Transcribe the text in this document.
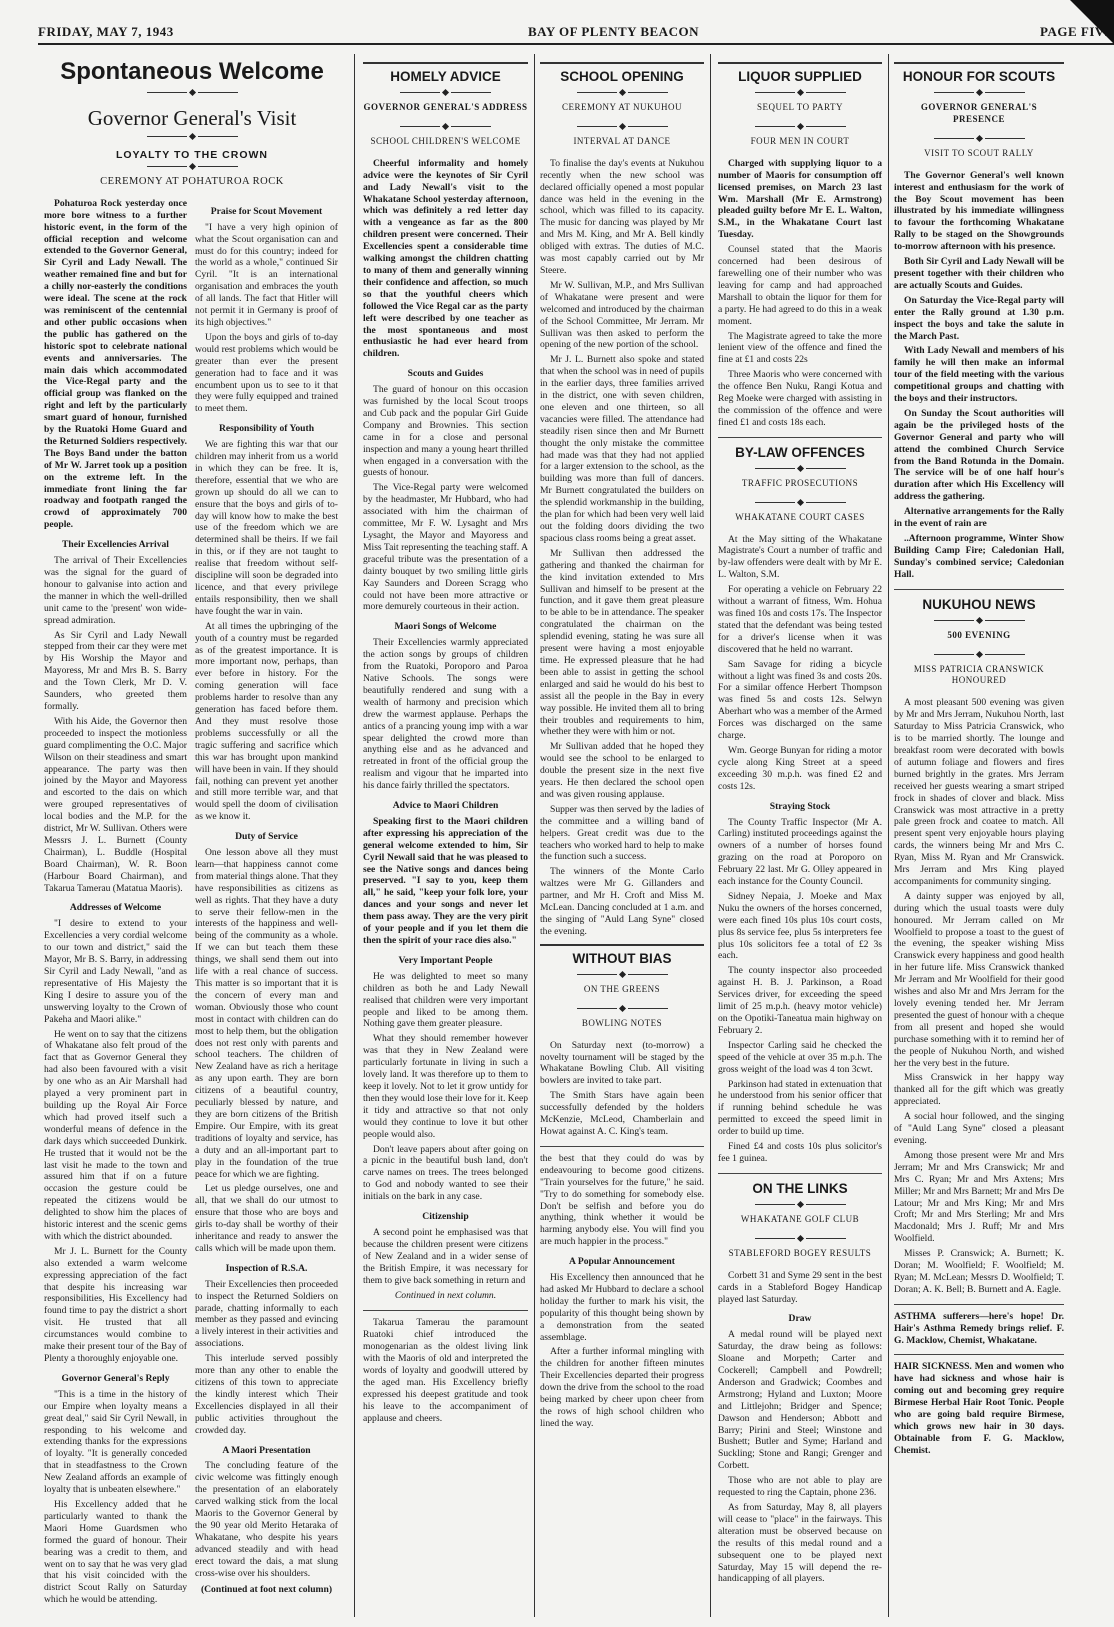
FRIDAY, MAY 7, 1943	BAY OF PLENTY BEACON	PAGE FIVE
Spontaneous Welcome
Governor General's Visit
LOYALTY TO THE CROWN
CEREMONY AT POHATUROA ROCK

Pohaturoa Rock yesterday once more bore witness to a further historic event, in the form of the official reception and welcome extended to the Governor General, Sir Cyril and Lady Newall. The weather remained fine and but for a chilly nor-easterly the conditions were ideal. The scene at the rock was reminiscent of the centennial and other public occasions when the public has gathered on the historic spot to celebrate national events and anniversaries. The main dais which accommodated the Vice-Regal party and the official group was flanked on the right and left by the particularly smart guard of honour, furnished by the Ruatoki Home Guard and the Returned Soldiers respectively. The Boys Band under the batton of Mr W. Jarret took up a position on the extreme left. In the immediate front lining the far roadway and footpath ranged the crowd of approximately 700 people.

Their Excellencies Arrival

The arrival of Their Excellencies was the signal for the guard of honour to galvanise into action and the manner in which the well-drilled unit came to the 'present' won wide-spread admiration.

As Sir Cyril and Lady Newall stepped from their car they were met by His Worship the Mayor and Mayoress, Mr and Mrs B. S. Barry and the Town Clerk, Mr D. V. Saunders, who greeted them formally.

With his Aide, the Governor then proceeded to inspect the motionless guard complimenting the O.C. Major Wilson on their steadiness and smart appearance. The party was then joined by the Mayor and Mayoress and escorted to the dais on which were grouped representatives of local bodies and the M.P. for the district, Mr W. Sullivan. Others were Messrs J. L. Burnett (County Chairman), L. Buddle (Hospital Board Chairman), W. R. Boon (Harbour Board Chairman), and Takarua Tamerau (Matatua Maoris).

Addresses of Welcome

"I desire to extend to your Excellencies a very cordial welcome to our town and district," said the Mayor, Mr B. S. Barry, in addressing Sir Cyril and Lady Newall, "and as representative of His Majesty the King I desire to assure you of the unswerving loyalty to the Crown of Pakeha and Maori alike."

He went on to say that the citizens of Whakatane also felt proud of the fact that as Governor General they had also been favoured with a visit by one who as an Air Marshall had played a very prominent part in building up the Royal Air Force which had proved itself such a wonderful means of defence in the dark days which succeeded Dunkirk. He trusted that it would not be the last visit he made to the town and assured him that if on a future occasion the gesture could be repeated the citizens would be delighted to show him the places of historic interest and the scenic gems with which the district abounded.

Mr J. L. Burnett for the County also extended a warm welcome expressing appreciation of the fact that despite his increasing war responsibilities, His Excellency had found time to pay the district a short visit. He trusted that all circumstances would combine to make their present tour of the Bay of Plenty a thoroughly enjoyable one.

Governor General's Reply

"This is a time in the history of our Empire when loyalty means a great deal," said Sir Cyril Newall, in responding to his welcome and extending thanks for the expressions of loyalty. "It is generally conceded that in steadfastness to the Crown New Zealand affords an example of loyalty that is unbeaten elsewhere."

His Excellency added that he particularly wanted to thank the Maori Home Guardsmen who formed the guard of honour. Their bearing was a credit to them, and went on to say that he was very glad that his visit coincided with the district Scout Rally on Saturday which he would be attending.

Praise for Scout Movement

"I have a very high opinion of what the Scout organisation can and must do for this country; indeed for the world as a whole," continued Sir Cyril. "It is an international organisation and embraces the youth of all lands. The fact that Hitler will not permit it in Germany is proof of its high objectives."

Upon the boys and girls of to-day would rest problems which would be greater than ever the present generation had to face and it was encumbent upon us to see to it that they were fully equipped and trained to meet them.

Responsibility of Youth

We are fighting this war that our children may inherit from us a world in which they can be free. It is, therefore, essential that we who are grown up should do all we can to ensure that the boys and girls of to-day will know how to make the best use of the freedom which we are determined shall be theirs. If we fail in this, or if they are not taught to realise that freedom without self-discipline will soon be degraded into licence, and that every privilege entails responsibility, then we shall have fought the war in vain.

At all times the upbringing of the youth of a country must be regarded as of the greatest importance. It is more important now, perhaps, than ever before in history. For the coming generation will face problems harder to resolve than any generation has faced before them. And they must resolve those problems successfully or all the tragic suffering and sacrifice which this war has brought upon mankind will have been in vain. If they should fail, nothing can prevent yet another and still more terrible war, and that would spell the doom of civilisation as we know it.

Duty of Service

One lesson above all they must learn—that happiness cannot come from material things alone. That they have responsibilities as citizens as well as rights. That they have a duty to serve their fellow-men in the interests of the happiness and well-being of the community as a whole. If we can but teach them these things, we shall send them out into life with a real chance of success. This matter is so important that it is the concern of every man and woman. Obviously those who count most in contact with children can do most to help them, but the obligation does not rest only with parents and school teachers. The children of New Zealand have as rich a heritage as any upon earth. They are born citizens of a beautiful country, peculiarly blessed by nature, and they are born citizens of the British Empire. Our Empire, with its great traditions of loyalty and service, has a duty and an all-important part to play in the foundation of the true peace for which we are fighting.

Let us pledge ourselves, one and all, that we shall do our utmost to ensure that those who are boys and girls to-day shall be worthy of their inheritance and ready to answer the calls which will be made upon them.

Inspection of R.S.A.

Their Excellencies then proceeded to inspect the Returned Soldiers on parade, chatting informally to each member as they passed and evincing a lively interest in their activities and associations.

This interlude served possibly more than any other to enable the citizens of this town to appreciate the kindly interest which Their Excellencies displayed in all their public activities throughout the crowded day.

A Maori Presentation

The concluding feature of the civic welcome was fittingly enough the presentation of an elaborately carved walking stick from the local Maoris to the Governor General by the 90 year old Merito Hetaraka of Whakatane, who despite his years advanced steadily and with head erect toward the dais, a mat slung cross-wise over his shoulders.

(Continued at foot next column)
HOMELY ADVICE
GOVERNOR GENERAL'S ADDRESS
SCHOOL CHILDREN'S WELCOME

Cheerful informality and homely advice were the keynotes of Sir Cyril and Lady Newall's visit to the Whakatane School yesterday afternoon, which was definitely a red letter day with a vengeance as far as the 800 children present were concerned. Their Excellencies spent a considerable time walking amongst the children chatting to many of them and generally winning their confidence and affection, so much so that the youthful cheers which followed the Vice Regal car as the party left were described by one teacher as the most spontaneous and most enthusiastic he had ever heard from children.

Scouts and Guides

The guard of honour on this occasion was furnished by the local Scout troops and Cub pack and the popular Girl Guide Company and Brownies. This section came in for a close and personal inspection and many a young heart thrilled when engaged in a conversation with the guests of honour.

The Vice-Regal party were welcomed by the headmaster, Mr Hubbard, who had associated with him the chairman of committee, Mr F. W. Lysaght and Mrs Lysaght, the Mayor and Mayoress and Miss Tait representing the teaching staff. A graceful tribute was the presentation of a dainty bouquet by two smiling little girls Kay Saunders and Doreen Scragg who could not have been more attractive or more demurely courteous in their action.

Maori Songs of Welcome

Their Excellencies warmly appreciated the action songs by groups of children from the Ruatoki, Poroporo and Paroa Native Schools. The songs were beautifully rendered and sung with a wealth of harmony and precision which drew the warmest applause. Perhaps the antics of a prancing young imp with a war spear delighted the crowd more than anything else and as he advanced and retreated in front of the official group the realism and vigour that he imparted into his dance fairly thrilled the spectators.

Advice to Maori Children

Speaking first to the Maori children after expressing his appreciation of the general welcome extended to him, Sir Cyril Newall said that he was pleased to see the Native songs and dances being preserved. "I say to you, keep them all," he said, "keep your folk lore, your dances and your songs and never let them pass away. They are the very pirit of your people and if you let them die then the spirit of your race dies also."

Very Important People

He was delighted to meet so many children as both he and Lady Newall realised that children were very important people and liked to be among them. Nothing gave them greater pleasure.

What they should remember however was that they in New Zealand were particularly fortunate in living in such a lovely land. It was therefore up to them to keep it lovely. Not to let it grow untidy for then they would lose their love for it. Keep it tidy and attractive so that not only would they continue to love it but other people would also.

Don't leave papers about after going on a picnic in the beautiful bush land, don't carve names on trees. The trees belonged to God and nobody wanted to see their initials on the bark in any case.

Citizenship

A second point he emphasised was that because the children present were citizens of New Zealand and in a wider sense of the British Empire, it was necessary for them to give back something in return and

Continued in next column.

Takarua Tamerau the paramount Ruatoki chief introduced the monogenarian as the oldest living link with the Maoris of old and interpreted the words of loyalty and goodwill uttered by the aged man. His Excellency briefly expressed his deepest gratitude and took his leave to the accompaniment of applause and cheers.

SCHOOL OPENING
CEREMONY AT NUKUHOU
INTERVAL AT DANCE

To finalise the day's events at Nukuhou recently when the new school was declared officially opened a most popular dance was held in the evening in the school, which was filled to its capacity. The music for dancing was played by Mr and Mrs M. King, and Mr A. Bell kindly obliged with extras. The duties of M.C. was most capably carried out by Mr Steere.

Mr W. Sullivan, M.P., and Mrs Sullivan of Whakatane were present and were welcomed and introduced by the chairman of the School Committee, Mr Jerram. Mr Sullivan was then asked to perform the opening of the new portion of the school.

Mr J. L. Burnett also spoke and stated that when the school was in need of pupils in the earlier days, three families arrived in the district, one with seven children, one eleven and one thirteen, so all vacancies were filled. The attendance had steadily risen since then and Mr Burnett thought the only mistake the committee had made was that they had not applied for a larger extension to the school, as the building was more than full of dancers. Mr Burnett congratulated the builders on the splendid workmanship in the building, the plan for which had been very well laid out the folding doors dividing the two spacious class rooms being a great asset.

Mr Sullivan then addressed the gathering and thanked the chairman for the kind invitation extended to Mrs Sullivan and himself to be present at the function, and it gave them great pleasure to be able to be in attendance. The speaker congratulated the chairman on the splendid evening, stating he was sure all present were having a most enjoyable time. He expressed pleasure that he had been able to assist in getting the school enlarged and said he would do his best to assist all the people in the Bay in every way possible. He invited them all to bring their troubles and requirements to him, whether they were with him or not.

Mr Sullivan added that he hoped they would see the school to be enlarged to double the present size in the next five years. He then declared the school open and was given rousing applause.

Supper was then served by the ladies of the committee and a willing band of helpers. Great credit was due to the teachers who worked hard to help to make the function such a success.

The winners of the Monte Carlo waltzes were Mr G. Gillanders and partner, and Mr H. Croft and Miss M. McLean. Dancing concluded at 1 a.m. and the singing of "Auld Lang Syne" closed the evening.

WITHOUT BIAS
ON THE GREENS
BOWLING NOTES

On Saturday next (to-morrow) a novelty tournament will be staged by the Whakatane Bowling Club. All visiting bowlers are invited to take part.

The Smith Stars have again been successfully defended by the holders McKenzie, McLeod, Chamberlain and Howat against A. C. King's team.

the best that they could do was by endeavouring to become good citizens. "Train yourselves for the future," he said. "Try to do something for somebody else. Don't be selfish and before you do anything, think whether it would be harming anybody else. You will find you are much happier in the process."

A Popular Announcement

His Excellency then announced that he had asked Mr Hubbard to declare a school holiday the further to mark his visit, the popularity of this thought being shown by a demonstration from the seated assemblage.

After a further informal mingling with the children for another fifteen minutes Their Excellencies departed their progress down the drive from the school to the road being marked by cheer upon cheer from the rows of high school children who lined the way.

LIQUOR SUPPLIED
SEQUEL TO PARTY
FOUR MEN IN COURT

Charged with supplying liquor to a number of Maoris for consumption off licensed premises, on March 23 last Wm. Marshall (Mr E. Armstrong) pleaded guilty before Mr E. L. Walton, S.M., in the Whakatane Court last Tuesday.

Counsel stated that the Maoris concerned had been desirous of farewelling one of their number who was leaving for camp and had approached Marshall to obtain the liquor for them for a party. He had agreed to do this in a weak moment.

The Magistrate agreed to take the more lenient view of the offence and fined the fine at £1 and costs 22s

Three Maoris who were concerned with the offence Ben Nuku, Rangi Kotua and Reg Moeke were charged with assisting in the commission of the offence and were fined £1 and costs 18s each.

BY-LAW OFFENCES
TRAFFIC PROSECUTIONS
WHAKATANE COURT CASES

At the May sitting of the Whakatane Magistrate's Court a number of traffic and by-law offenders were dealt with by Mr E. L. Walton, S.M.

For operating a vehicle on February 22 without a warrant of fitness, Wm. Hohua was fined 10s and costs 17s. The Inspector stated that the defendant was being tested for a driver's license when it was discovered that he held no warrant.

Sam Savage for riding a bicycle without a light was fined 3s and costs 20s. For a similar offence Herbert Thompson was fined 5s and costs 12s. Selwyn Aberhart who was a member of the Armed Forces was discharged on the same charge.

Wm. George Bunyan for riding a motor cycle along King Street at a speed exceeding 30 m.p.h. was fined £2 and costs 12s.

Straying Stock

The County Traffic Inspector (Mr A. Carling) instituted proceedings against the owners of a number of horses found grazing on the road at Poroporo on February 22 last. Mr G. Olley appeared in each instance for the County Council.

Sidney Nepaia, J. Moeke and Max Nuku the owners of the horses concerned, were each fined 10s plus 10s court costs, plus 8s service fee, plus 5s interpreters fee plus 10s solicitors fee a total of £2 3s each.

The county inspector also proceeded against H. B. J. Parkinson, a Road Services driver, for exceeding the speed limit of 25 m.p.h. (heavy motor vehicle) on the Opotiki-Taneatua main highway on February 2.

Inspector Carling said he checked the speed of the vehicle at over 35 m.p.h. The gross weight of the load was 4 ton 3cwt.

Parkinson had stated in extenuation that he understood from his senior officer that if running behind schedule he was permitted to exceed the speed limit in order to build up time.

Fined £4 and costs 10s plus solicitor's fee 1 guinea.

ON THE LINKS
WHAKATANE GOLF CLUB
STABLEFORD BOGEY RESULTS

Corbett 31 and Syme 29 sent in the best cards in a Stableford Bogey Handicap played last Saturday.

Draw

A medal round will be played next Saturday, the draw being as follows: Sloane and Morpeth; Carter and Cockerell; Campbell and Powdrell; Anderson and Gradwick; Coombes and Armstrong; Hyland and Luxton; Moore and Littlejohn; Bridger and Spence; Dawson and Henderson; Abbott and Barry; Pirini and Steel; Winstone and Bushett; Butler and Syme; Harland and Suckling; Stone and Rangi; Grenger and Corbett.

Those who are not able to play are requested to ring the Captain, phone 236.

As from Saturday, May 8, all players will cease to "place" in the fairways. This alteration must be observed because on the results of this medal round and a subsequent one to be played next Saturday, May 15 will depend the re-handicapping of all players.

HONOUR FOR SCOUTS
GOVERNOR GENERAL'S PRESENCE
VISIT TO SCOUT RALLY

The Governor General's well known interest and enthusiasm for the work of the Boy Scout movement has been illustrated by his immediate willingness to favour the forthcoming Whakatane Rally to be staged on the Showgrounds to-morrow afternoon with his presence.

Both Sir Cyril and Lady Newall will be present together with their children who are actually Scouts and Guides.

On Saturday the Vice-Regal party will enter the Rally ground at 1.30 p.m. inspect the boys and take the salute in the March Past.

With Lady Newall and members of his family he will then make an informal tour of the field meeting with the various competitional groups and chatting with the boys and their instructors.

On Sunday the Scout authorities will again be the privileged hosts of the Governor General and party who will attend the combined Church Service from the Band Rotunda in the Domain. The service will be of one half hour's duration after which His Excellency will address the gathering.

Alternative arrangements for the Rally in the event of rain are

..Afternoon programme, Winter Show Building Camp Fire; Caledonian Hall, Sunday's combined service; Caledonian Hall.

NUKUHOU NEWS
500 EVENING
MISS PATRICIA CRANSWICK HONOURED

A most pleasant 500 evening was given by Mr and Mrs Jerram, Nukuhou North, last Saturday to Miss Patricia Cranswick, who is to be married shortly. The lounge and breakfast room were decorated with bowls of autumn foliage and flowers and fires burned brightly in the grates. Mrs Jerram received her guests wearing a smart striped frock in shades of clover and black. Miss Cranswick was most attractive in a pretty pale green frock and coatee to match. All present spent very enjoyable hours playing cards, the winners being Mr and Mrs C. Ryan, Miss M. Ryan and Mr Cranswick. Mrs Jerram and Mrs King played accompaniments for community singing.

A dainty supper was enjoyed by all, during which the usual toasts were duly honoured. Mr Jerram called on Mr Woolfield to propose a toast to the guest of the evening, the speaker wishing Miss Cranswick every happiness and good health in her future life. Miss Cranswick thanked Mr Jerram and Mr Woolfield for their good wishes and also Mr and Mrs Jerram for the lovely evening tended her. Mr Jerram presented the guest of honour with a cheque from all present and hoped she would purchase something with it to remind her of the people of Nukuhou North, and wished her the very best in the future.

Miss Cranswick in her happy way thanked all for the gift which was greatly appreciated.

A social hour followed, and the singing of "Auld Lang Syne" closed a pleasant evening.

Among those present were Mr and Mrs Jerram; Mr and Mrs Cranswick; Mr and Mrs C. Ryan; Mr and Mrs Axtens; Mrs Miller; Mr and Mrs Barnett; Mr and Mrs De Latour; Mr and Mrs King; Mr and Mrs Croft; Mr and Mrs Sterling; Mr and Mrs Macdonald; Mrs J. Ruff; Mr and Mrs Woolfield.

Misses P. Cranswick; A. Burnett; K. Doran; M. Woolfield; F. Woolfield; M. Ryan; M. McLean; Messrs D. Woolfield; T. Doran; A. K. Bell; B. Burnett and A. Eagle.

ASTHMA sufferers—here's hope! Dr. Hair's Asthma Remedy brings relief. F. G. Macklow, Chemist, Whakatane.

HAIR SICKNESS. Men and women who have had sickness and whose hair is coming out and becoming grey require Birmese Herbal Hair Root Tonic. People who are going bald require Birmese, which grows new hair in 30 days. Obtainable from F. G. Macklow, Chemist.
